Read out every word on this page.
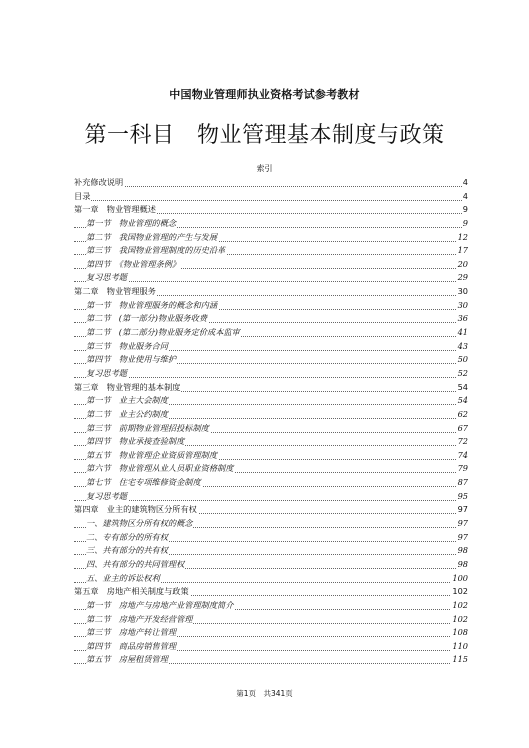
中国物业管理师执业资格考试参考教材
第一科目　物业管理基本制度与政策
索引
补充修改说明	4
目录	4
第一章　物业管理概述	9
第一节　物业管理的概念	9
第二节　我国物业管理的产生与发展	12
第三节　我国物业管理制度的历史沿革	17
第四节　《物业管理条例》	20
复习思考题	29
第二章　物业管理服务	30
第一节　物业管理服务的概念和内涵	30
第二节　(第一部分)物业服务收费	36
第二节　(第二部分)物业服务定价成本监审	41
第三节　物业服务合同	43
第四节　物业使用与维护	50
复习思考题	52
第三章　物业管理的基本制度	54
第一节　业主大会制度	54
第二节　业主公约制度	62
第三节　前期物业管理招投标制度	67
第四节　物业承接查验制度	72
第五节　物业管理企业资质管理制度	74
第六节　物业管理从业人员职业资格制度	79
第七节　住宅专项维修资金制度	87
复习思考题	95
第四章　业主的建筑物区分所有权	97
一、建筑物区分所有权的概念	97
二、专有部分的所有权	97
三、共有部分的共有权	98
四、共有部分的共同管理权	98
五、业主的诉讼权利	100
第五章　房地产相关制度与政策	102
第一节　房地产与房地产业管理制度简介	102
第二节　房地产开发经营管理	102
第三节　房地产转让管理	108
第四节　商品房销售管理	110
第五节　房屋租赁管理	115
第1页　共341页
